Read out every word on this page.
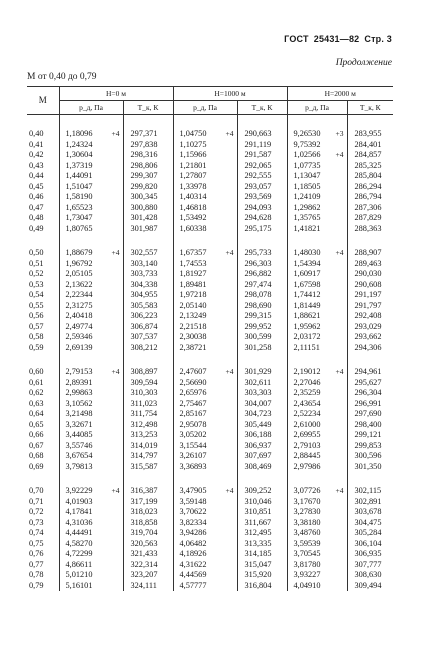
ГОСТ 25431—82 Стр. 3
Продолжение
М от 0,40 до 0,79
М	H=0 м		H=1000 м		H=2000 м	
	p_д, Па	T_к, К	p_д, Па	T_к, К	p_д, Па	T_к, К

0,40	1,18096 +4	297,371	1,04750 +4	290,663	9,26530 +3	283,955
0,41	1,24324	297,838	1,10275	291,119	9,75392	284,401
0,42	1,30604	298,316	1,15966	291,587	1,02566 +4	284,857
0,43	1,37319	298,806	1,21801	292,065	1,07735	285,325
0,44	1,44091	299,307	1,27807	292,555	1,13047	285,804
0,45	1,51047	299,820	1,33978	293,057	1,18505	286,294
0,46	1,58190	300,345	1,40314	293,569	1,24109	286,794
0,47	1,65523	300,880	1,46818	294,093	1,29862	287,306
0,48	1,73047	301,428	1,53492	294,628	1,35765	287,829
0,49	1,80765	301,987	1,60338	295,175	1,41821	288,363

0,50	1,88679 +4	302,557	1,67357 +4	295,733	1,48030 +4	288,907
0,51	1,96792	303,140	1,74553	296,303	1,54394	289,463
0,52	2,05105	303,733	1,81927	296,882	1,60917	290,030
0,53	2,13622	304,338	1,89481	297,474	1,67598	290,608
0,54	2,22344	304,955	1,97218	298,078	1,74412	291,197
0,55	2,31275	305,583	2,05140	298,690	1,81449	291,797
0,56	2,40418	306,223	2,13249	299,315	1,88621	292,408
0,57	2,49774	306,874	2,21518	299,952	1,95962	293,029
0,58	2,59346	307,537	2,30038	300,599	2,03172	293,662
0,59	2,69139	308,212	2,38721	301,258	2,11151	294,306

0,60	2,79153 +4	308,897	2,47607 +4	301,929	2,19012 +4	294,961
0,61	2,89391	309,594	2,56690	302,611	2,27046	295,627
0,62	2,99863	310,303	2,65976	303,303	2,35259	296,304
0,63	3,10562	311,023	2,75467	304,007	2,43654	296,991
0,64	3,21498	311,754	2,85167	304,723	2,52234	297,690
0,65	3,32671	312,498	2,95078	305,449	2,61000	298,400
0,66	3,44085	313,253	3,05202	306,188	2,69955	299,121
0,67	3,55746	314,019	3,15544	306,937	2,79103	299,853
0,68	3,67654	314,797	3,26107	307,697	2,88445	300,596
0,69	3,79813	315,587	3,36893	308,469	2,97986	301,350

0,70	3,92229 +4	316,387	3,47905 +4	309,252	3,07726 +4	302,115
0,71	4,01903	317,199	3,59148	310,046	3,17670	302,891
0,72	4,17841	318,023	3,70622	310,851	3,27830	303,678
0,73	4,31036	318,858	3,82334	311,667	3,38180	304,475
0,74	4,44491	319,704	3,94286	312,495	3,48760	305,284
0,75	4,58270	320,563	4,06482	313,335	3,59539	306,104
0,76	4,72299	321,433	4,18926	314,185	3,70545	306,935
0,77	4,86611	322,314	4,31622	315,047	3,81780	307,777
0,78	5,01210	323,207	4,44569	315,920	3,93227	308,630
0,79	5,16101	324,111	4,57777	316,804	4,04910	309,494
